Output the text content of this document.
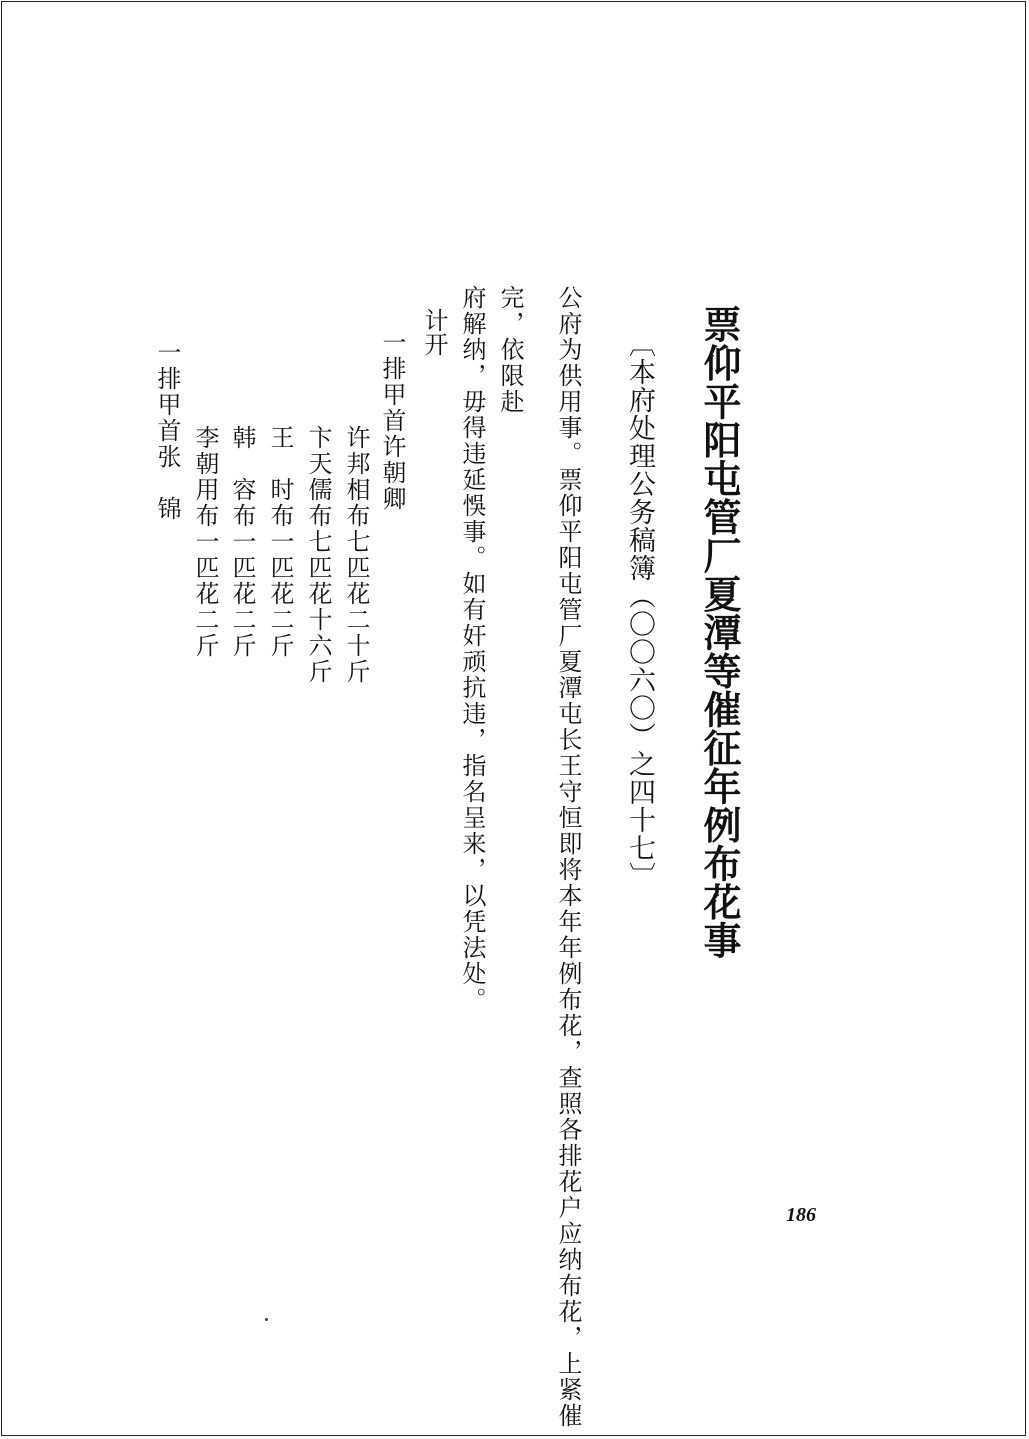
票仰平阳屯管厂夏潭等催征年例布花事
〔本府处理公务稿簿（〇〇六〇）之四十七〕
公府为供用事。票仰平阳屯管厂夏潭屯长王守恒即将本年年例布花，查照各排花户应纳布花，上紧催
完，依限赴
府解纳，毋得违延悞事。如有奸顽抗违，指名呈来，以凭法处。
计开
一排甲首许朝卿
许邦相布七匹花二十斤
卞天儒布七匹花十六斤
王　时布一匹花二斤
韩　容布一匹花二斤
李朝用布一匹花二斤
一排甲首张　锦
186
